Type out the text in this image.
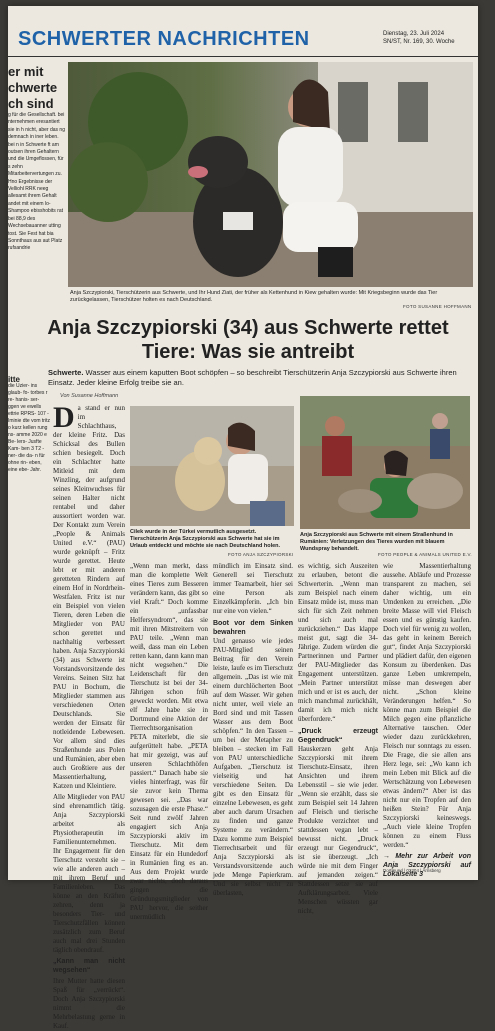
SCHWERTER NACHRICHTEN	Dienstag, 23. Juli 2024
SN/ST, Nr. 169, 30. Woche
er mit chwerte ch sind
g für die Gesellschaft. bei nternehmen eresantiert sie in h nicht, aber das ng demnach in iner leben. bei n in Schwerte ft am outsen ihren Gehaltern und die Umgeflossen, für s zehn Mitarbeitervertungen zu. Hno Ergebnisse der Velliohl RRK neeg allesamt ihrem Gehalt andet mit einem lo-Shampoo ebisshobits rat bei 88,9 des Wechsebauanner utting tost. Sie Fest hat bia Sonnthaus aus aut Platz rufsandrie
Anja Szczypiorski, Tierschützerin aus Schwerte, und Ihr Hund Ziati, der früher als Kettenhund in Kiew gehalten wurde: Mit Kriegsbeginn wurde das Tier zurückgelassen, Tierschützer holten es nach Deutschland.
FOTO SUSANNE HOFFMANN
Anja Szczypiorski (34) aus Schwerte rettet Tiere: Was sie antreibt
Schwerte. Wasser aus einem kaputten Boot schöpfen – so beschreibt Tierschützerin Anja Szczypiorski aus Schwerte ihren Einsatz. Jeder kleine Erfolg treibe sie an.
Von Susanne Hoffmann
itte
die Uzier- ins glaub- fo- torbes r re- hanis- ser- ggen ve ewells ettrie RPRS- 107 - Iminie dte vom tritz o kurz kellen rung ns- amme 2020 e Be- lers- Jusfte Kam- ben 3 T2 - ner- die da- n für ohne rin- eben, eine ebe- Jahr.
D a stand er nun im Schlachthaus, der kleine Fritz. Das Schicksal des Bullen schien besiegelt. Doch ein Schlachter hatte Mitleid mit dem Winzling, der aufgrund seines Kleinwuchses für seinen Halter nicht rentabel und daher aussortiert worden war. Der Kontakt zum Verein „People & Animals United e.V.“ (PAU) wurde geknüpft – Fritz wurde gerettet. Heute lebt er mit anderen geretteten Rindern auf einem Hof in Nordrhein-Westfalen. Fritz ist nur ein Beispiel von vielen Tieren, deren Leben die Mitglieder von PAU schon gerettet und nachhaltig verbessert haben. Anja Szczypiorski (34) aus Schwerte ist Vorstandsvorsitzende des Vereins. Seinen Sitz hat PAU in Bochum, die Mitglieder stammen aus verschiedenen Orten Deutschlands. Sie werden der Einsatz für notleidende Lebewesen. Vor allem sind dies Straßenhunde aus Polen und Rumänien, aber eben auch Großtiere aus der Massentierhaltung, Katzen und Kleintiere.

Alle Mitglieder von PAU sind ehrenamtlich tätig. Anja Szczypiorski arbeitet als Physiotherapeutin im Familienunternehmen. Ihr Engagement für den Tierschutz versteht sie – wie alle anderen auch – mit ihrem Beruf und Familienleben. Das könne an den Kräften zehren, denn ja besonders Tier- und Tierschutzfällen können zusätzlich zum Beruf auch mal drei Stunden täglich obendrauf.

„Kann man nicht wegsehen“

Ihre Mutter hatte diesen Spaß für „verrückt“. Doch Anja Szczypiorski nimmt die Mehrbelastung gerne in Kauf.

Cilek wurde in der Türkei vermutlich ausgesetzt. Tierschützerin Anja Szczypiorski aus Schwerte hat sie im Urlaub entdeckt und möchte sie nach Deutschland holen.
FOTO ANJA SZCZYPIORSKI
Anja Szczypiorski aus Schwerte mit einem Straßenhund in Rumänien: Verletzungen des Tieres wurden mit blauem Wundspray behandelt.
FOTO PEOPLE & ANIMALS UNITED E.V.
„Wenn man merkt, dass man die komplette Welt eines Tieres zum Besseren verändern kann, das gibt so viel Kraft.“ Doch komme ein „unfassbar Helfersyndrom“, das sie mit ihren Mitstreitern von PAU teile. „Wenn man weiß, dass man ein Leben retten kann, dann kann man nicht wegsehen.“ Die Leidenschaft für den Tierschutz ist bei der 34-Jährigen schon früh geweckt worden. Mit etwa elf Jahre habe sie in Dortmund eine Aktion der Tierrechtsorganisation PETA miterlebt, die sie aufgerüttelt habe. „PETA hat mir gezeigt, was auf unseren Schlachthöfen passiert.“ Danach habe sie vieles hinterfragt, was für sie zuvor kein Thema gewesen sei. „Das war sozusagen die erste Phase.“ Seit rund zwölf Jahren engagiert sich Anja Szczypiorski aktiv im Tierschutz. Mit dem Einsatz für ein Hundedorf in Rumänien fing es an. Aus dem Projekt wurde zwar nichts, doch daraus gingen die Gründungsmitglieder von PAU hervor, die seither unermüdlich
mündlich im Einsatz sind. Generell sei Tierschutz immer Teamarbeit, hier sei eine Person als Einzelkämpferin. „Ich bin nur eine von vielen.“
Boot vor dem Sinken bewahren
Und genauso wie jedes PAU-Mitglied seinen Beitrag für den Verein leiste, laufe es im Tierschutz allgemein. „Das ist wie mit einem durchlöcherten Boot auf dem Wasser. Wir gehen nicht unter, weil viele an Bord sind und mit Tassen Wasser aus dem Boot schöpfen.“ In den Tassen – um bei der Metapher zu bleiben – stecken im Fall von PAU unterschiedliche Aufgaben. „Tierschutz ist vielseitig und hat verschiedene Seiten. Da gibt es den Einsatz für einzelne Lebewesen, es geht aber auch darum Ursachen zu finden und ganze Systeme zu verändern.“ Dazu komme zum Beispiel Tierrechtsarbeit und für Anja Szczypiorski als Verstandsvorsitzende auch jede Menge Papierkram. Und sie selbst nicht zu überlasten,
es wichtig, sich Auszeiten zu erlauben, betont die Schwerterin. „Wenn man zum Beispiel nach einem Einsatz müde ist, muss man sich für sich Zeit nehmen und sich auch mal zurückziehen.“ Das klappe meist gut, sagt die 34-Jährige. Zudem würden die Partnerinnen und Partner der PAU-Mitglieder das Engagement unterstützen. „Mein Partner unterstützt mich und er ist es auch, der mich manchmal zurückhält, damit ich mich nicht überfordere.“
„Druck erzeugt Gegendruck“
Hauskerzen geht Anja Szczypiorski mit ihrem Tierschutz-Einsatz, ihren Ansichten und ihrem Lebensstil – sie wie jeder. „Wenn sie erzählt, dass sie zum Beispiel seit 14 Jahren auf Fleisch und tierische Produkte verzichtet und stattdessen vegan lebt – bewusst nicht. „Druck erzeugt nur Gegendruck“, ist sie überzeugt. „Ich würde nie mit dem Finger auf jemanden zeigen.“ Stattdessen setze sie auf Aufklärungsarbeit. Viele Menschen wüssten gar nicht,
wie Massentierhaltung aussehe. Abläufe und Prozesse transparent zu machen, sei daher wichtig, um ein Umdenken zu erreichen. „Die breite Masse will viel Fleisch essen und es günstig kaufen. Doch viel für wenig zu wollen, das geht in keinem Bereich gut“, findet Anja Szczypiorski und plädiert dafür, den eigenen Konsum zu überdenken. Das ganze Leben umkrempeln, müsse man deswegen aber nicht. „Schon kleine Veränderungen helfen.“ So könne man zum Beispiel die Milch gegen eine pflanzliche Alternative tauschen. Oder wieder dazu zurückkehren, Fleisch nur sonntags zu essen. Die Frage, die sie allen ans Herz lege, sei: „Wo kann ich mein Leben mit Blick auf die Wertschätzung von Lebewesen etwas ändern?“ Aber ist das nicht nur ein Tropfen auf den heißen Stein? Für Anja Szczypiorski keineswegs. „Auch viele kleine Tropfen können zu einem Fluss werden.“
→ Mehr zur Arbeit von Anja Szczypiorski auf Lokalseite 3
Dortmund | 02304 | Arnsberg
